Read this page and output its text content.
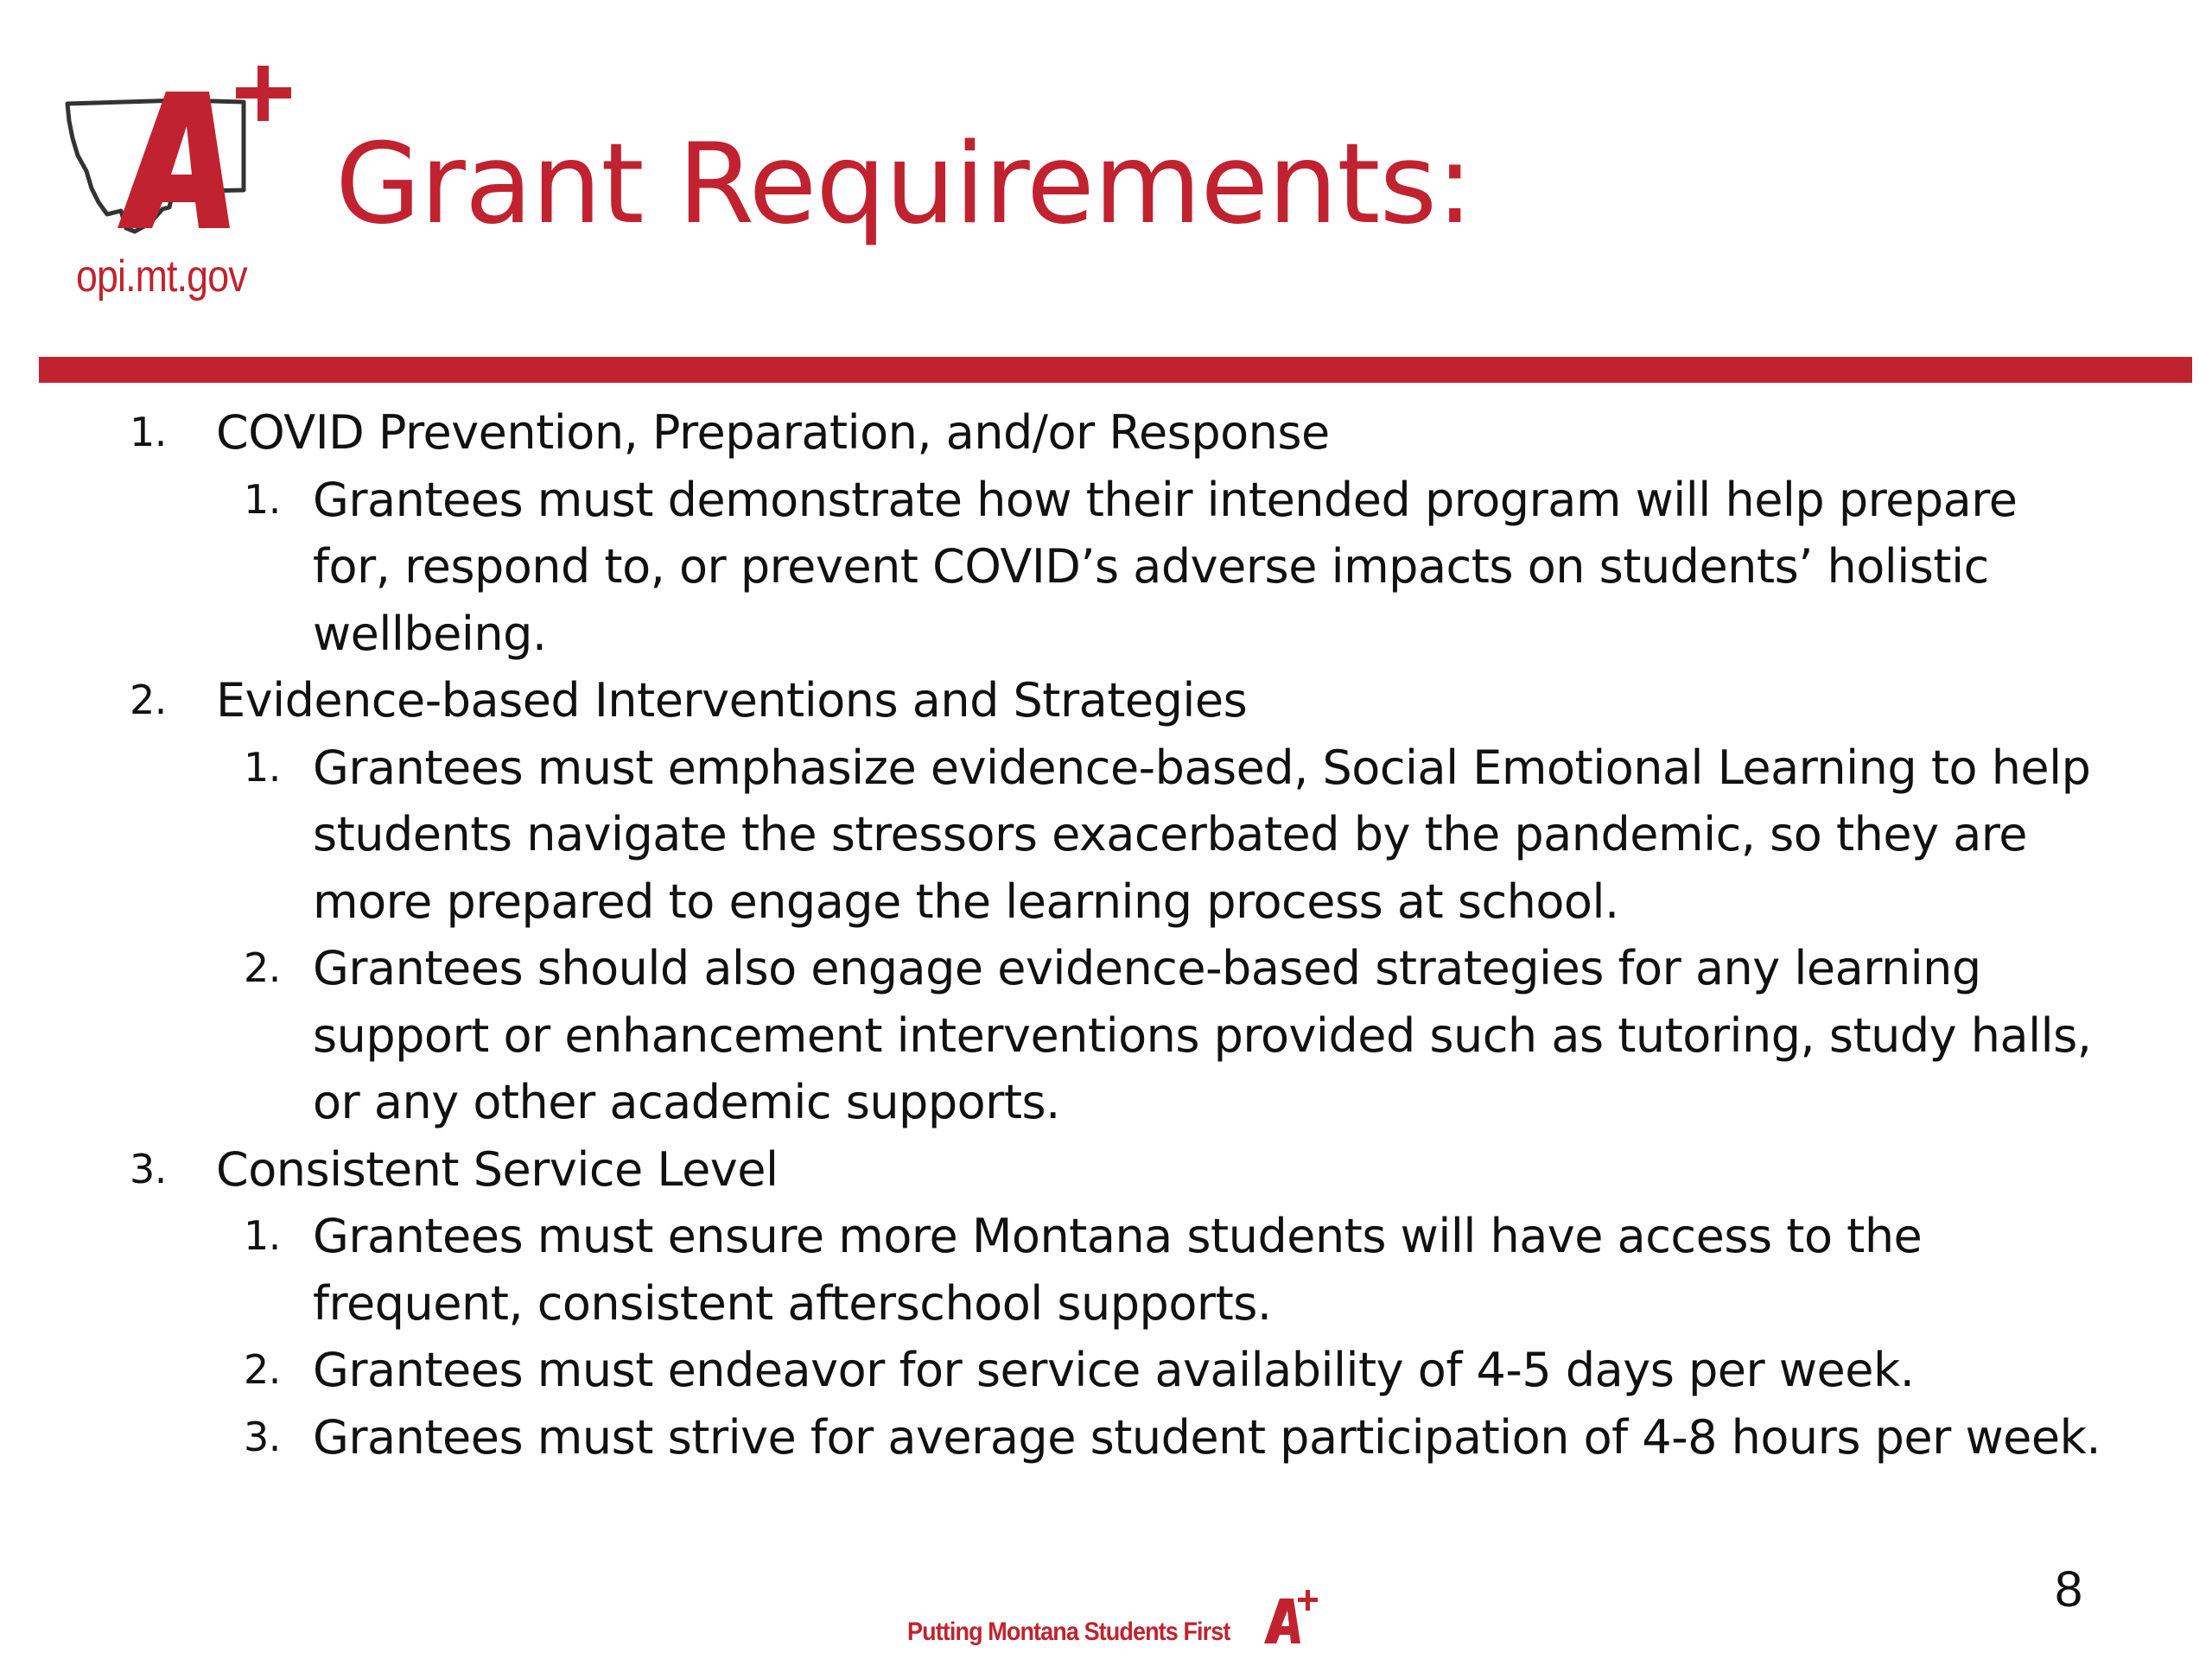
opi.mt.gov
Grant Requirements:
1. COVID Prevention, Preparation, and/or Response
1. Grantees must demonstrate how their intended program will help prepare for, respond to, or prevent COVID’s adverse impacts on students’ holistic wellbeing.
2. Evidence-based Interventions and Strategies
1. Grantees must emphasize evidence-based, Social Emotional Learning to help students navigate the stressors exacerbated by the pandemic, so they are more prepared to engage the learning process at school.
2. Grantees should also engage evidence-based strategies for any learning support or enhancement interventions provided such as tutoring, study halls, or any other academic supports.
3. Consistent Service Level
1. Grantees must ensure more Montana students will have access to the frequent, consistent afterschool supports.
2. Grantees must endeavor for service availability of 4-5 days per week.
3. Grantees must strive for average student participation of 4-8 hours per week.
Putting Montana Students First
8
